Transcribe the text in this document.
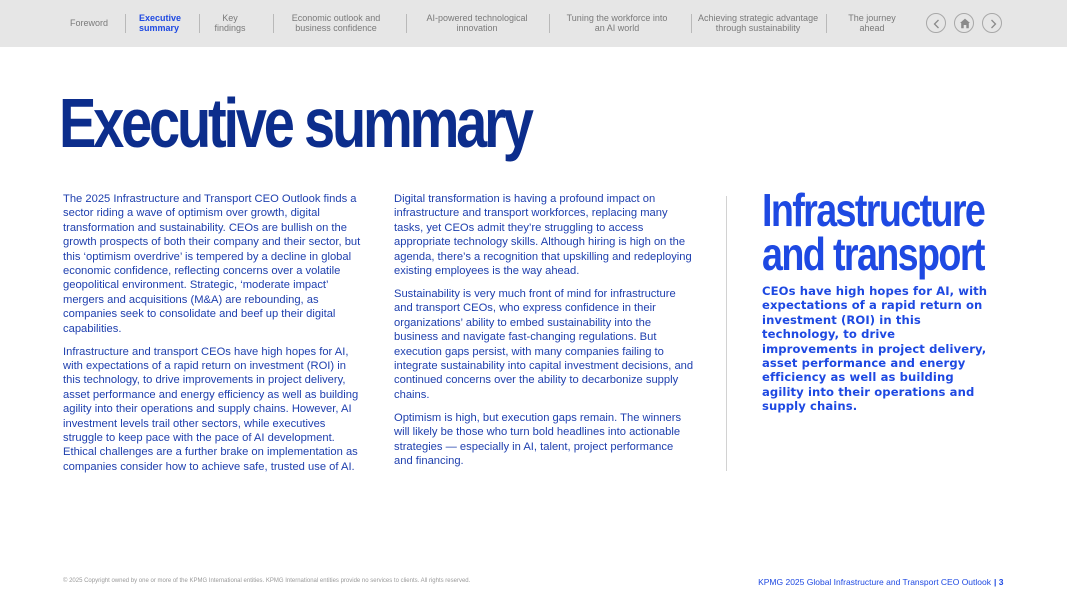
Foreword	Executive
summary
Key
findings
Economic outlook and
business confidence
AI-powered technological
innovation
Tuning the workforce into
an AI world
Achieving strategic advantage
through sustainability
The journey
ahead
Executive summary

The 2025 Infrastructure and Transport CEO Outlook finds a sector riding a wave of optimism over growth, digital transformation and sustainability. CEOs are bullish on the growth prospects of both their company and their sector, but this ‘optimism overdrive’ is tempered by a decline in global economic confidence, reflecting concerns over a volatile geopolitical environment. Strategic, ‘moderate impact’ mergers and acquisitions (M&A) are rebounding, as companies seek to consolidate and beef up their digital capabilities.

Infrastructure and transport CEOs have high hopes for AI, with expectations of a rapid return on investment (ROI) in this technology, to drive improvements in project delivery, asset performance and energy efficiency as well as building agility into their operations and supply chains. However, AI investment levels trail other sectors, while executives struggle to keep pace with the pace of AI development. Ethical challenges are a further brake on implementation as companies consider how to achieve safe, trusted use of AI.

Digital transformation is having a profound impact on infrastructure and transport workforces, replacing many tasks, yet CEOs admit they’re struggling to access appropriate technology skills. Although hiring is high on the agenda, there’s a recognition that upskilling and redeploying existing employees is the way ahead.

Sustainability is very much front of mind for infrastructure and transport CEOs, who express confidence in their organizations’ ability to embed sustainability into the business and navigate fast-changing regulations. But execution gaps persist, with many companies failing to integrate sustainability into capital investment decisions, and continued concerns over the ability to decarbonize supply chains.

Optimism is high, but execution gaps remain. The winners will likely be those who turn bold headlines into actionable strategies — especially in AI, talent, project performance and financing.

Infrastructure
and transport
CEOs have high hopes for AI, with expectations of a rapid return on investment (ROI) in this technology, to drive improvements in project delivery, asset performance and energy efficiency as well as building agility into their operations and supply chains.
© 2025 Copyright owned by one or more of the KPMG International entities. KPMG International entities provide no services to clients. All rights reserved.	KPMG 2025 Global Infrastructure and Transport CEO Outlook | 3
